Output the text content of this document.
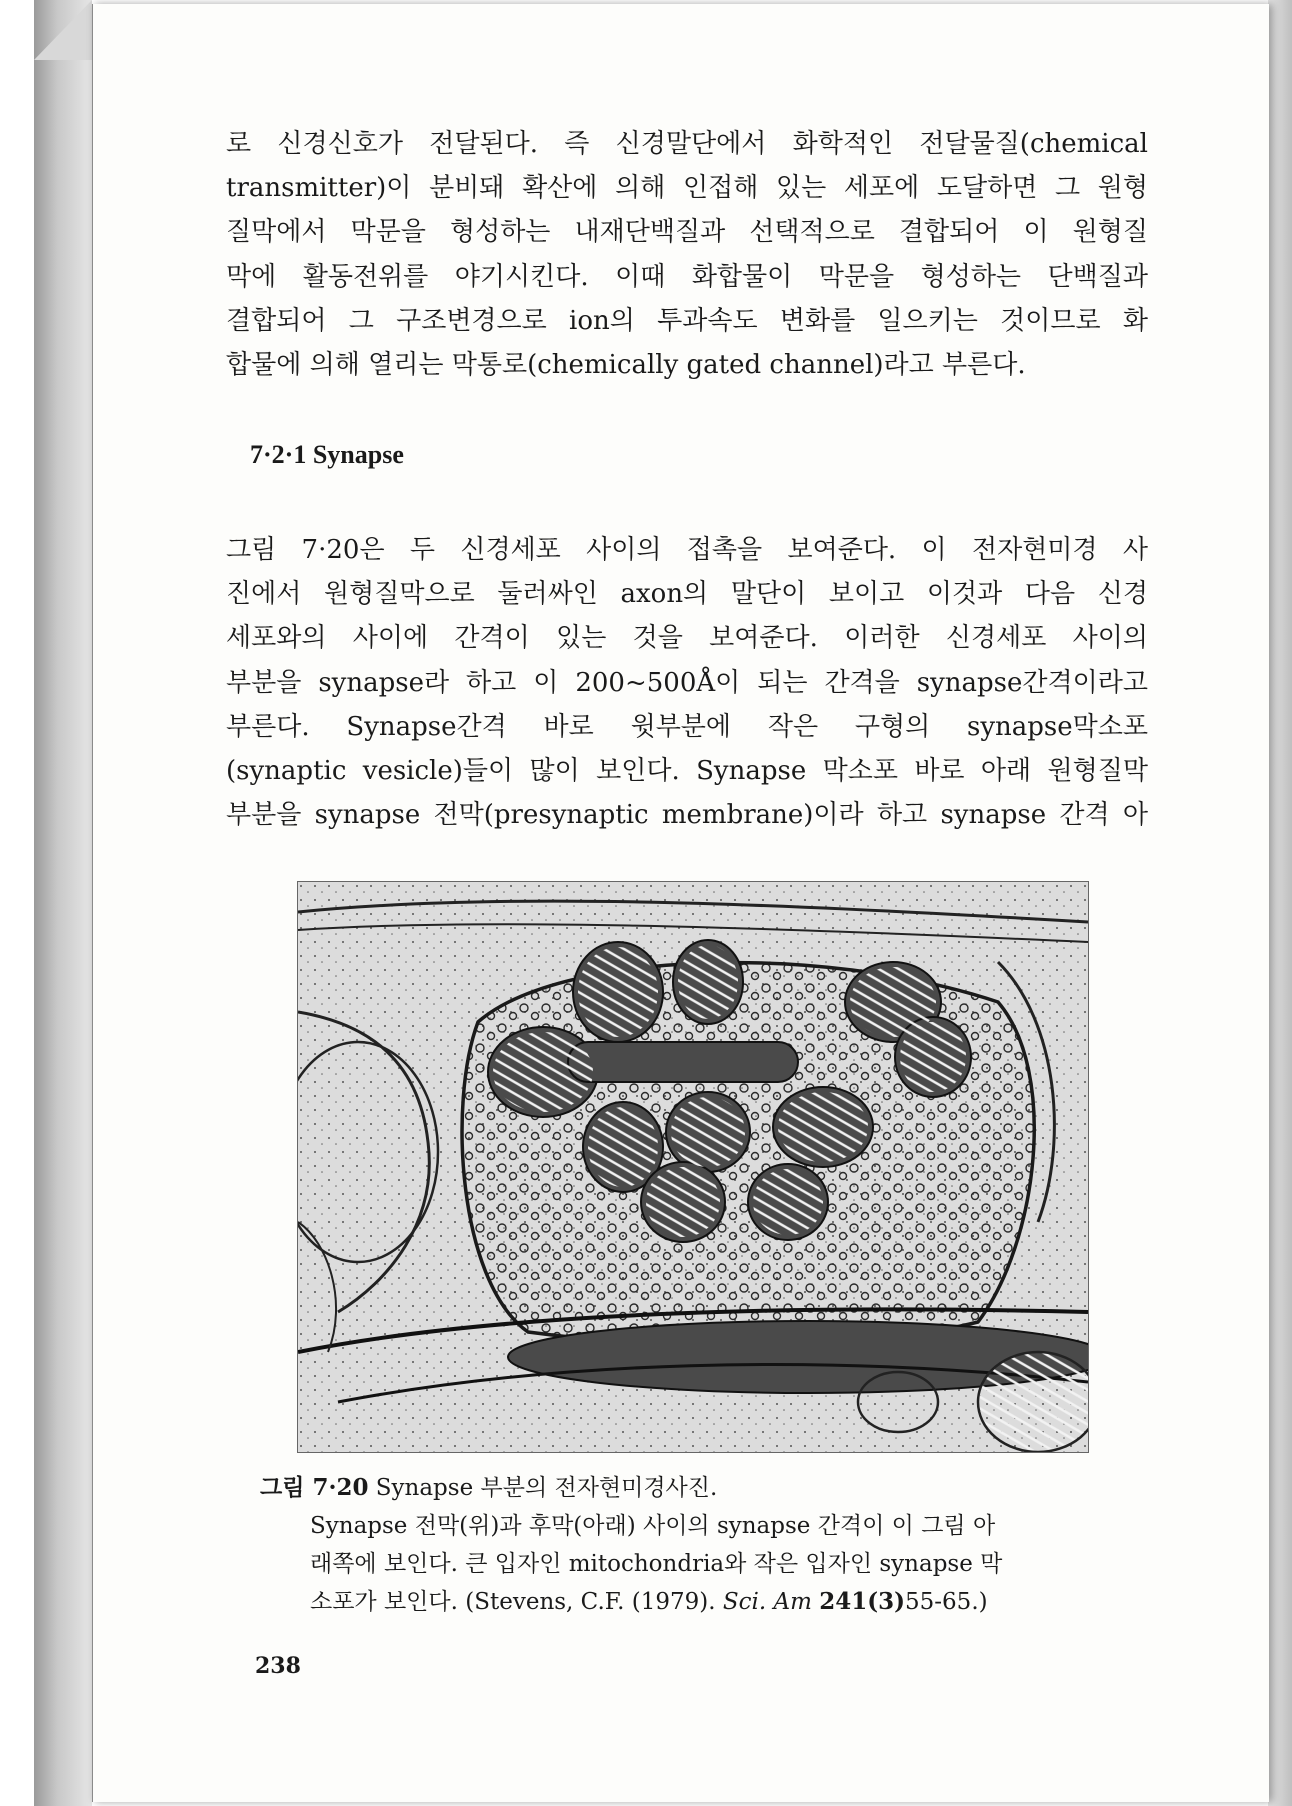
로 신경신호가 전달된다. 즉 신경말단에서 화학적인 전달물질(chemical

transmitter)이 분비돼 확산에 의해 인접해 있는 세포에 도달하면 그 원형

질막에서 막문을 형성하는 내재단백질과 선택적으로 결합되어 이 원형질

막에 활동전위를 야기시킨다. 이때 화합물이 막문을 형성하는 단백질과

결합되어 그 구조변경으로 ion의 투과속도 변화를 일으키는 것이므로 화

합물에 의해 열리는 막통로(chemically gated channel)라고 부른다.

7·2·1 Synapse

그림 7·20은 두 신경세포 사이의 접촉을 보여준다. 이 전자현미경 사

진에서 원형질막으로 둘러싸인 axon의 말단이 보이고 이것과 다음 신경

세포와의 사이에 간격이 있는 것을 보여준다. 이러한 신경세포 사이의

부분을 synapse라 하고 이 200~500Å이 되는 간격을 synapse간격이라고

부른다. Synapse간격 바로 윗부분에 작은 구형의 synapse막소포

(synaptic vesicle)들이 많이 보인다. Synapse 막소포 바로 아래 원형질막

부분을 synapse 전막(presynaptic membrane)이라 하고 synapse 간격 아

그림 7·20 Synapse 부분의 전자현미경사진.
Synapse 전막(위)과 후막(아래) 사이의 synapse 간격이 이 그림 아
래쪽에 보인다. 큰 입자인 mitochondria와 작은 입자인 synapse 막
소포가 보인다. (Stevens, C.F. (1979). Sci. Am 241(3)55-65.)
238
